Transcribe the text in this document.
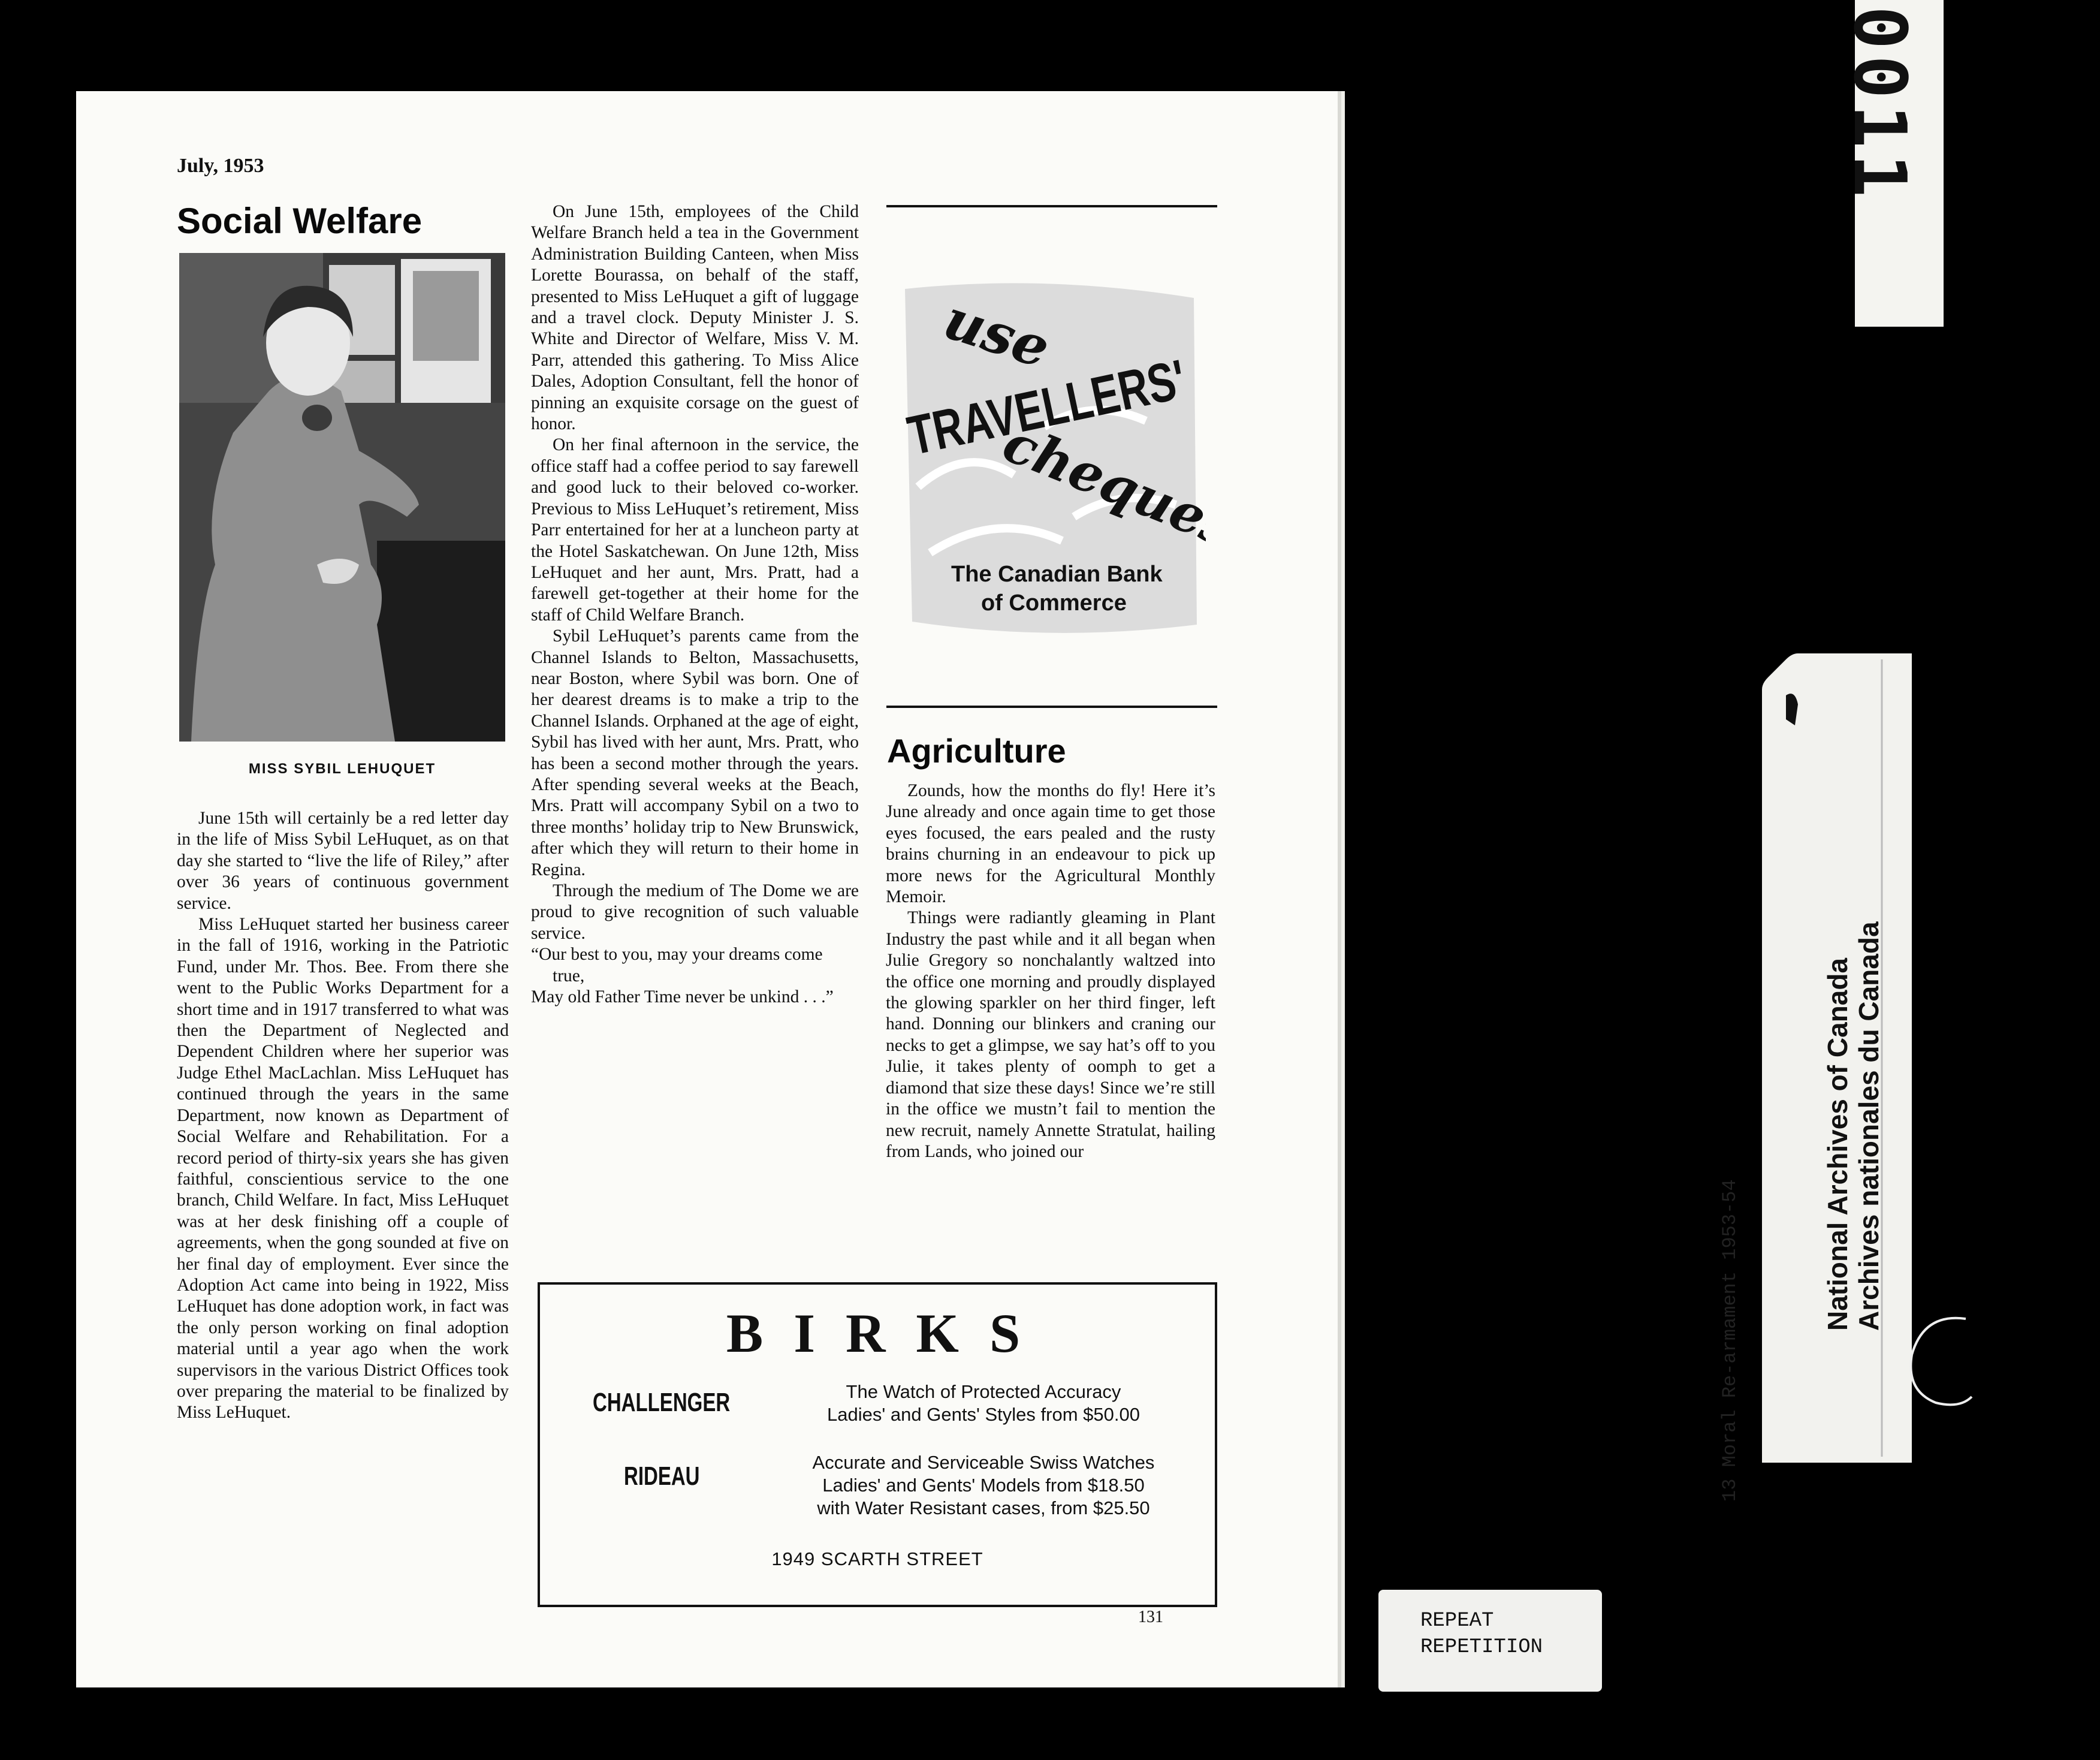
July, 1953
Social Welfare
MISS SYBIL LEHUQUET

June 15th will certainly be a red letter day in the life of Miss Sybil LeHuquet, as on that day she started to “live the life of Riley,” after over 36 years of continuous government service.

Miss LeHuquet started her business career in the fall of 1916, working in the Patriotic Fund, under Mr. Thos. Bee. From there she went to the Public Works Department for a short time and in 1917 transferred to what was then the Department of Neglected and Dependent Children where her superior was Judge Ethel MacLachlan. Miss LeHuquet has continued through the years in the same Department, now known as Department of Social Welfare and Rehabilitation. For a record period of thirty-six years she has given faithful, conscientious service to the one branch, Child Welfare. In fact, Miss LeHuquet was at her desk finishing off a couple of agreements, when the gong sounded at five on her final day of employment. Ever since the Adoption Act came into being in 1922, Miss LeHuquet has done adoption work, in fact was the only person working on final adoption material until a year ago when the work supervisors in the various District Offices took over preparing the material to be finalized by Miss LeHuquet.

On June 15th, employees of the Child Welfare Branch held a tea in the Government Administration Building Canteen, when Miss Lorette Bourassa, on behalf of the staff, presented to Miss LeHuquet a gift of luggage and a travel clock. Deputy Minister J. S. White and Director of Welfare, Miss V. M. Parr, attended this gathering. To Miss Alice Dales, Adoption Consultant, fell the honor of pinning an exquisite corsage on the guest of honor.

On her final afternoon in the service, the office staff had a coffee period to say farewell and good luck to their beloved co-worker. Previous to Miss LeHuquet’s retirement, Miss Parr entertained for her at a luncheon party at the Hotel Saskatchewan. On June 12th, Miss LeHuquet and her aunt, Mrs. Pratt, had a farewell get-together at their home for the staff of Child Welfare Branch.

Sybil LeHuquet’s parents came from the Channel Islands to Belton, Massachusetts, near Boston, where Sybil was born. One of her dearest dreams is to make a trip to the Channel Islands. Orphaned at the age of eight, Sybil has lived with her aunt, Mrs. Pratt, who has been a second mother through the years. After spending several weeks at the Beach, Mrs. Pratt will accompany Sybil on a two to three months’ holiday trip to New Brunswick, after which they will return to their home in Regina.

Through the medium of The Dome we are proud to give recognition of such valuable service.

“Our best to you, may your dreams come true,

May old Father Time never be unkind . . .”

use
TRAVELLERS'
cheques
The Canadian Bank
of Commerce
Agriculture

Zounds, how the months do fly! Here it’s June already and once again time to get those eyes focused, the ears pealed and the rusty brains churning in an endeavour to pick up more news for the Agricultural Monthly Memoir.

Things were radiantly gleaming in Plant Industry the past while and it all began when Julie Gregory so nonchalantly waltzed into the office one morning and proudly displayed the glowing sparkler on her third finger, left hand. Donning our blinkers and craning our necks to get a glimpse, we say hat’s off to you Julie, it takes plenty of oomph to get a diamond that size these days! Since we’re still in the office we mustn’t fail to mention the new recruit, namely Annette Stratulat, hailing from Lands, who joined our

B I R K S
CHALLENGER	The Watch of Protected Accuracy
Ladies' and Gents' Styles from $50.00
RIDEAU	Accurate and Serviceable Swiss Watches
Ladies' and Gents' Models from $18.50
with Water Resistant cases, from $25.50
1949 SCARTH STREET
131
13 Moral Re-armament 1953-54
National Archives of Canada Archives nationales du Canada
REPEAT
REPETITION
0011
